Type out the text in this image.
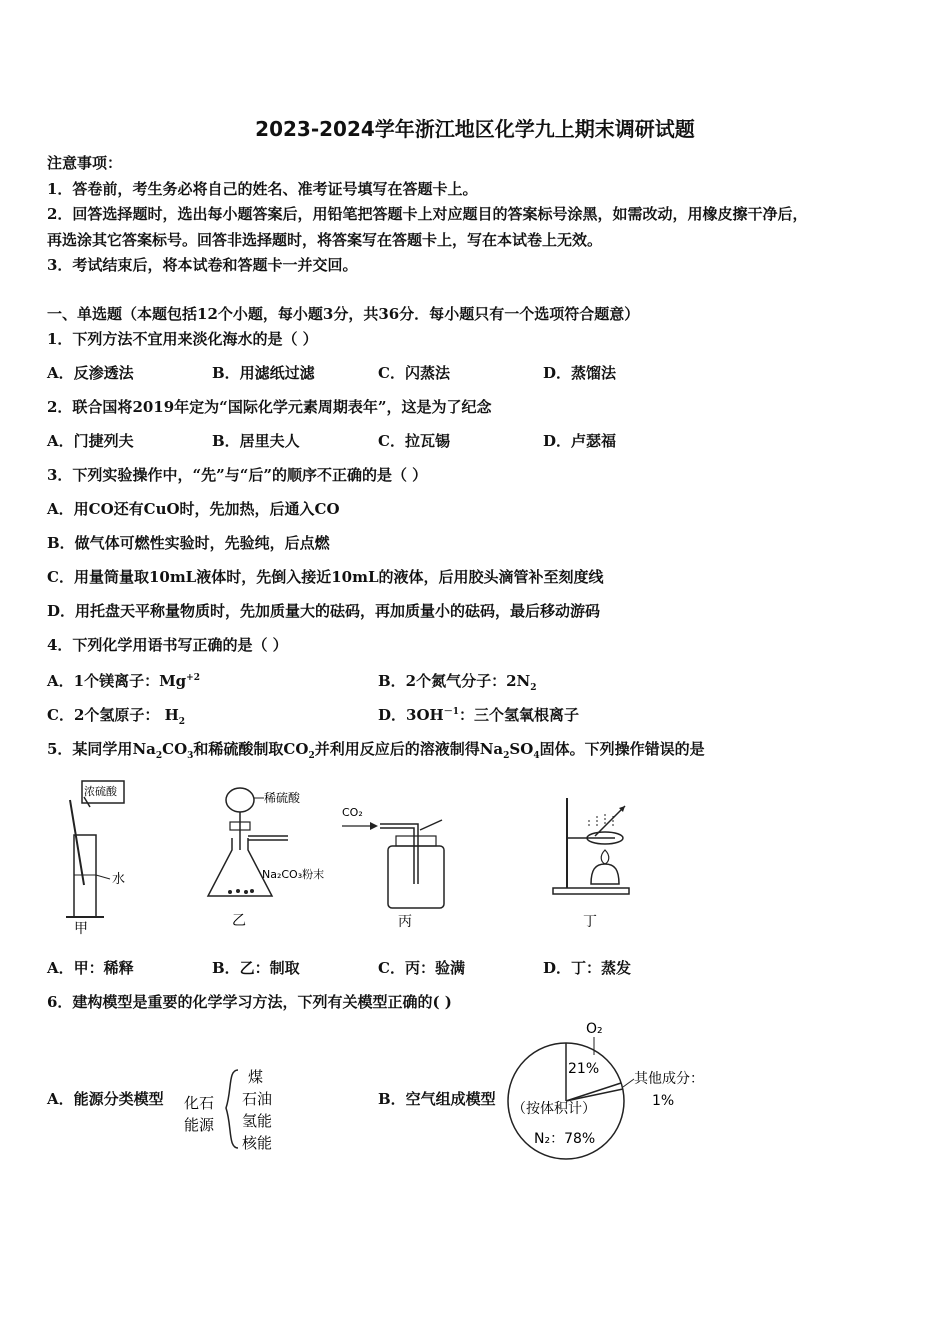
2023-2024学年浙江地区化学九上期末调研试题
注意事项：
1．答卷前，考生务必将自己的姓名、准考证号填写在答题卡上。
2．回答选择题时，选出每小题答案后，用铅笔把答题卡上对应题目的答案标号涂黑，如需改动，用橡皮擦干净后，
再选涂其它答案标号。回答非选择题时，将答案写在答题卡上，写在本试卷上无效。
3．考试结束后，将本试卷和答题卡一并交回。
一、单选题（本题包括12个小题，每小题3分，共36分．每小题只有一个选项符合题意）
1．下列方法不宜用来淡化海水的是（ ）
A．反渗透法	B．用滤纸过滤	C．闪蒸法	D．蒸馏法
2．联合国将2019年定为“国际化学元素周期表年”，这是为了纪念
A．门捷列夫	B．居里夫人	C．拉瓦锡	D．卢瑟福
3．下列实验操作中，“先”与“后”的顺序不正确的是（ ）
A．用CO还有CuO时，先加热，后通入CO
B．做气体可燃性实验时，先验纯，后点燃
C．用量筒量取10mL液体时，先倒入接近10mL的液体，后用胶头滴管补至刻度线
D．用托盘天平称量物质时，先加质量大的砝码，再加质量小的砝码，最后移动游码
4．下列化学用语书写正确的是（ ）
A．1个镁离子：$Mg^{+2}$	B．2个氮气分子：$2N_2$
C．2个氢原子： $H_2$	D．$3OH^{-1}$：三个氢氧根离子
5．某同学用$Na_2CO_3$和稀硫酸制取$CO_2$并利用反应后的溶液制得$Na_2SO_4$固体。下列操作错误的是
浓硫酸
水
甲
稀硫酸
Na₂CO₃粉末
乙
CO₂
丙	丁
A．甲：稀释	B．乙：制取	C．丙：验满	D．丁：蒸发
6．建构模型是重要的化学学习方法，下列有关模型正确的( )
A．能源分类模型 化石
能源
煤
石油
氢能
核能
B．空气组成模型
O₂
21%
其他成分：
1%
（按体积计）
N₂：78%
